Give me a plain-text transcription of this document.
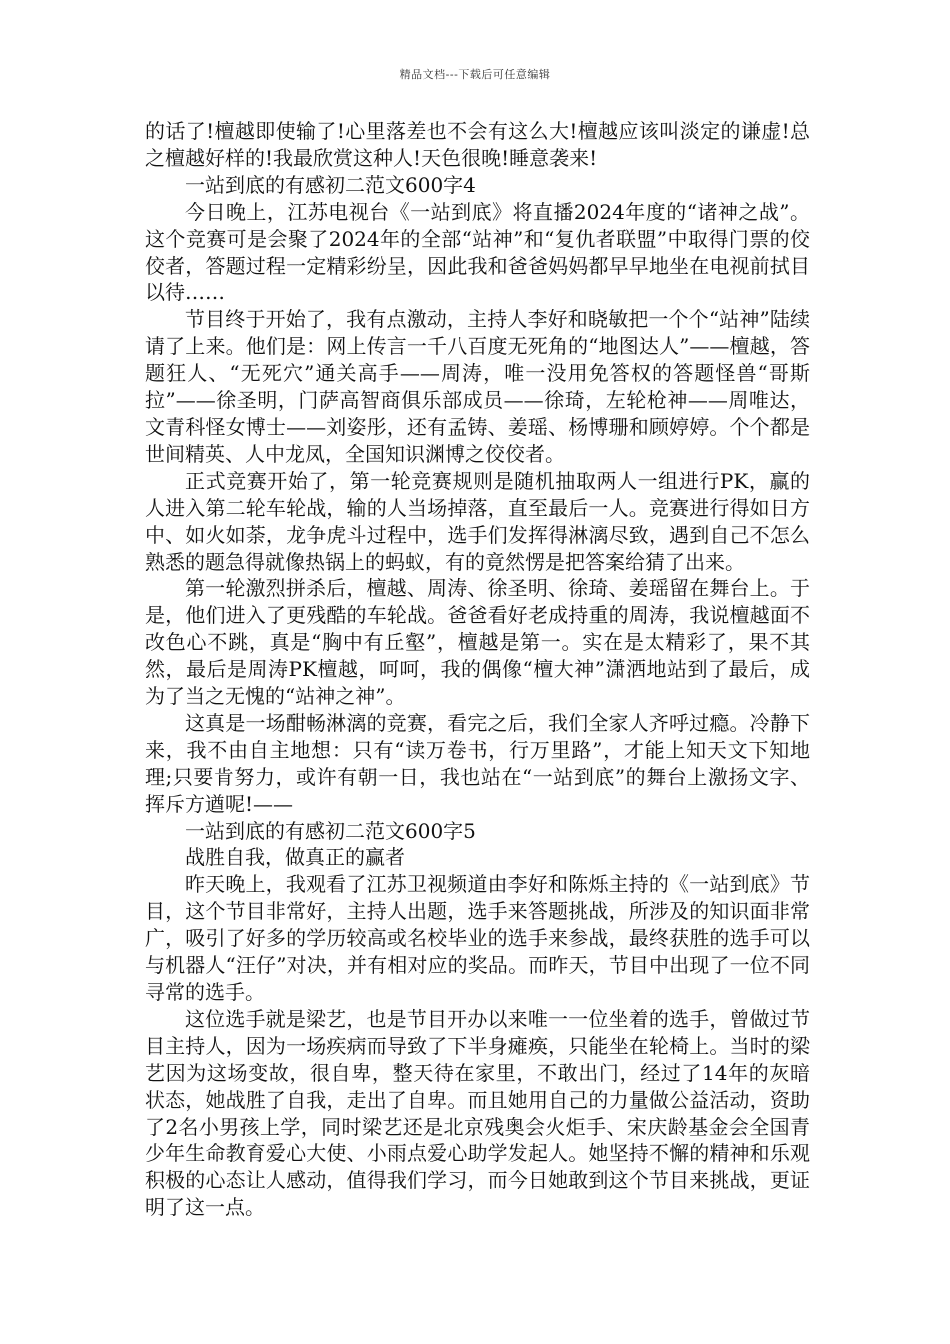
精品文档---下载后可任意编辑

的话了!檀越即使输了!心里落差也不会有这么大!檀越应该叫淡定的谦虚!总之檀越好样的!我最欣赏这种人!天色很晚!睡意袭来!

一站到底的有感初二范文600字4

今日晚上，江苏电视台《一站到底》将直播2024年度的“诸神之战”。这个竞赛可是会聚了2024年的全部“站神”和“复仇者联盟”中取得门票的佼佼者，答题过程一定精彩纷呈，因此我和爸爸妈妈都早早地坐在电视前拭目以待……

节目终于开始了，我有点激动，主持人李好和晓敏把一个个“站神”陆续请了上来。他们是：网上传言一千八百度无死角的“地图达人”——檀越，答题狂人、“无死穴”通关高手——周涛，唯一没用免答权的答题怪兽“哥斯拉”——徐圣明，门萨高智商俱乐部成员——徐琦，左轮枪神——周唯达，文青科怪女博士——刘姿彤，还有孟铸、姜瑶、杨博珊和顾婷婷。个个都是世间精英、人中龙凤，全国知识渊博之佼佼者。

正式竞赛开始了，第一轮竞赛规则是随机抽取两人一组进行PK，赢的人进入第二轮车轮战，输的人当场掉落，直至最后一人。竞赛进行得如日方中、如火如荼，龙争虎斗过程中，选手们发挥得淋漓尽致，遇到自己不怎么熟悉的题急得就像热锅上的蚂蚁，有的竟然愣是把答案给猜了出来。

第一轮激烈拼杀后，檀越、周涛、徐圣明、徐琦、姜瑶留在舞台上。于是，他们进入了更残酷的车轮战。爸爸看好老成持重的周涛，我说檀越面不改色心不跳，真是“胸中有丘壑”，檀越是第一。实在是太精彩了，果不其然，最后是周涛PK檀越，呵呵，我的偶像“檀大神”潇洒地站到了最后，成为了当之无愧的“站神之神”。

这真是一场酣畅淋漓的竞赛，看完之后，我们全家人齐呼过瘾。冷静下来，我不由自主地想：只有“读万卷书，行万里路”，才能上知天文下知地理;只要肯努力，或许有朝一日，我也站在“一站到底”的舞台上激扬文字、挥斥方遒呢!——

一站到底的有感初二范文600字5

战胜自我，做真正的赢者

昨天晚上，我观看了江苏卫视频道由李好和陈烁主持的《一站到底》节目，这个节目非常好，主持人出题，选手来答题挑战，所涉及的知识面非常广，吸引了好多的学历较高或名校毕业的选手来参战，最终获胜的选手可以与机器人“汪仔”对决，并有相对应的奖品。而昨天，节目中出现了一位不同寻常的选手。

这位选手就是梁艺，也是节目开办以来唯一一位坐着的选手，曾做过节目主持人，因为一场疾病而导致了下半身瘫痪，只能坐在轮椅上。当时的梁艺因为这场变故，很自卑，整天待在家里，不敢出门，经过了14年的灰暗状态，她战胜了自我，走出了自卑。而且她用自己的力量做公益活动，资助了2名小男孩上学，同时梁艺还是北京残奥会火炬手、宋庆龄基金会全国青少年生命教育爱心大使、小雨点爱心助学发起人。她坚持不懈的精神和乐观积极的心态让人感动，值得我们学习，而今日她敢到这个节目来挑战，更证明了这一点。
